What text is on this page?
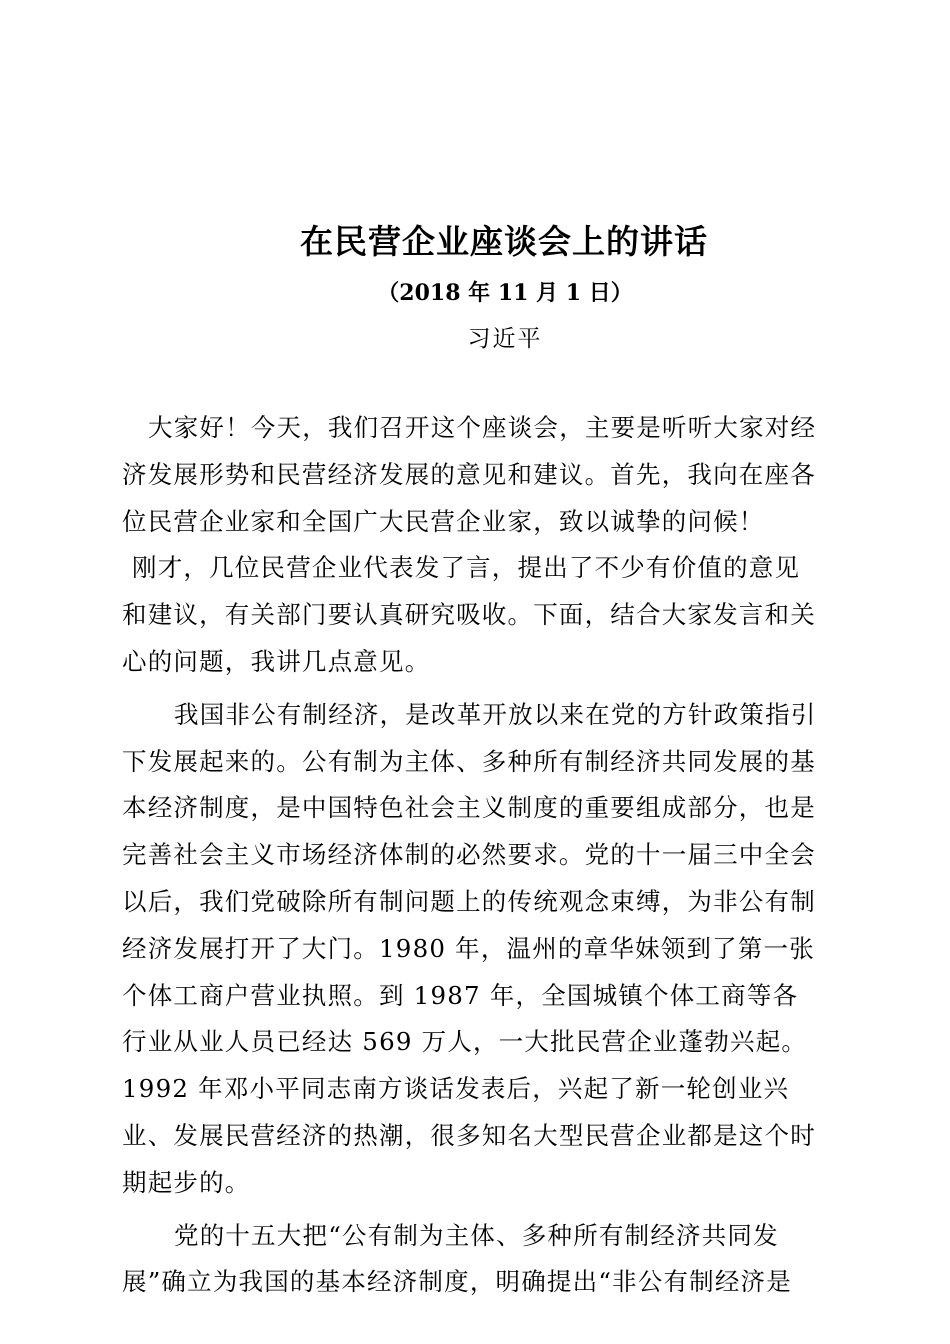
在民营企业座谈会上的讲话
（2018 年 11 月 1 日）
习近平

大家好！今天，我们召开这个座谈会，主要是听听大家对经济发展形势和民营经济发展的意见和建议。首先，我向在座各位民营企业家和全国广大民营企业家，致以诚挚的问候！

刚才，几位民营企业代表发了言，提出了不少有价值的意见和建议，有关部门要认真研究吸收。下面，结合大家发言和关心的问题，我讲几点意见。

我国非公有制经济，是改革开放以来在党的方针政策指引下发展起来的。公有制为主体、多种所有制经济共同发展的基本经济制度，是中国特色社会主义制度的重要组成部分，也是完善社会主义市场经济体制的必然要求。党的十一届三中全会以后，我们党破除所有制问题上的传统观念束缚，为非公有制经济发展打开了大门。1980 年，温州的章华妹领到了第一张个体工商户营业执照。到 1987 年，全国城镇个体工商等各行业从业人员已经达 569 万人，一大批民营企业蓬勃兴起。1992 年邓小平同志南方谈话发表后，兴起了新一轮创业兴业、发展民营经济的热潮，很多知名大型民营企业都是这个时期起步的。

党的十五大把“公有制为主体、多种所有制经济共同发展”确立为我国的基本经济制度，明确提出“非公有制经济是
